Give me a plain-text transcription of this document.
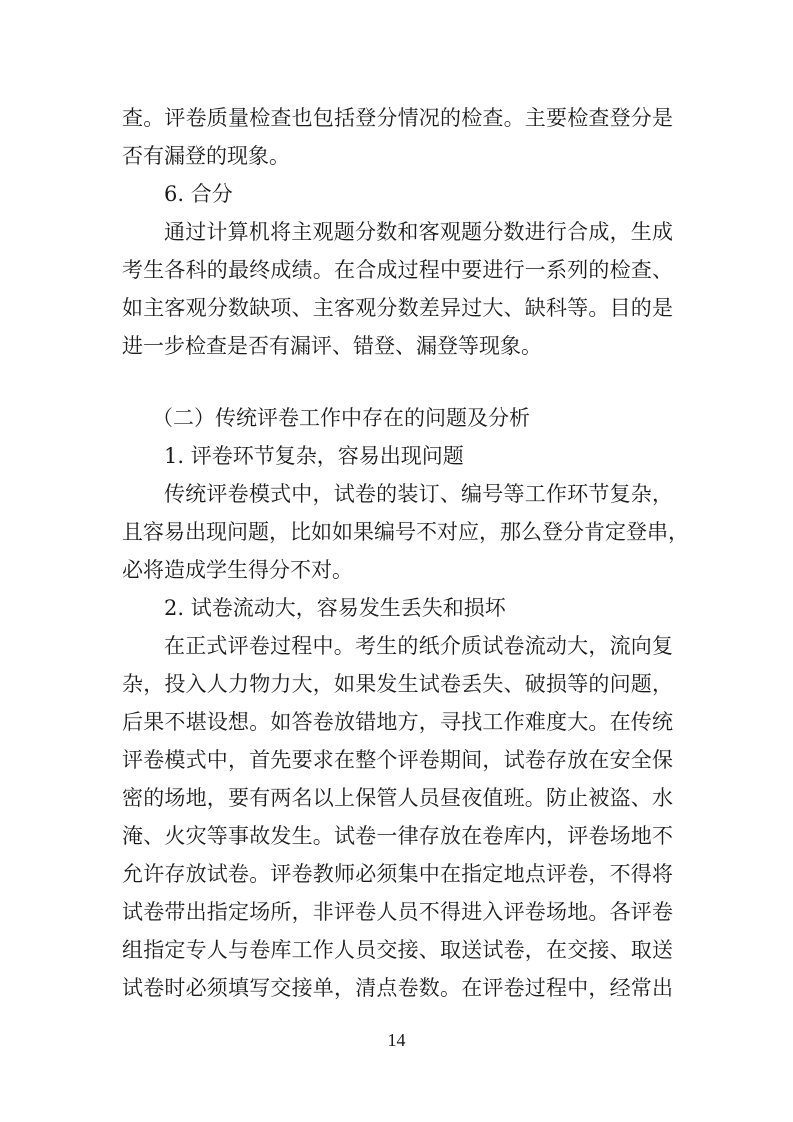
查。评卷质量检查也包括登分情况的检查。主要检查登分是
否有漏登的现象。
6. 合分
通过计算机将主观题分数和客观题分数进行合成，生成
考生各科的最终成绩。在合成过程中要进行一系列的检查、
如主客观分数缺项、主客观分数差异过大、缺科等。目的是
进一步检查是否有漏评、错登、漏登等现象。
（二）传统评卷工作中存在的问题及分析
1. 评卷环节复杂，容易出现问题
传统评卷模式中，试卷的装订、编号等工作环节复杂，
且容易出现问题，比如如果编号不对应，那么登分肯定登串，
必将造成学生得分不对。
2. 试卷流动大，容易发生丢失和损坏
在正式评卷过程中。考生的纸介质试卷流动大，流向复
杂，投入人力物力大，如果发生试卷丢失、破损等的问题，
后果不堪设想。如答卷放错地方，寻找工作难度大。在传统
评卷模式中，首先要求在整个评卷期间，试卷存放在安全保
密的场地，要有两名以上保管人员昼夜值班。防止被盗、水
淹、火灾等事故发生。试卷一律存放在卷库内，评卷场地不
允许存放试卷。评卷教师必须集中在指定地点评卷，不得将
试卷带出指定场所，非评卷人员不得进入评卷场地。各评卷
组指定专人与卷库工作人员交接、取送试卷，在交接、取送
试卷时必须填写交接单，清点卷数。在评卷过程中，经常出
14
